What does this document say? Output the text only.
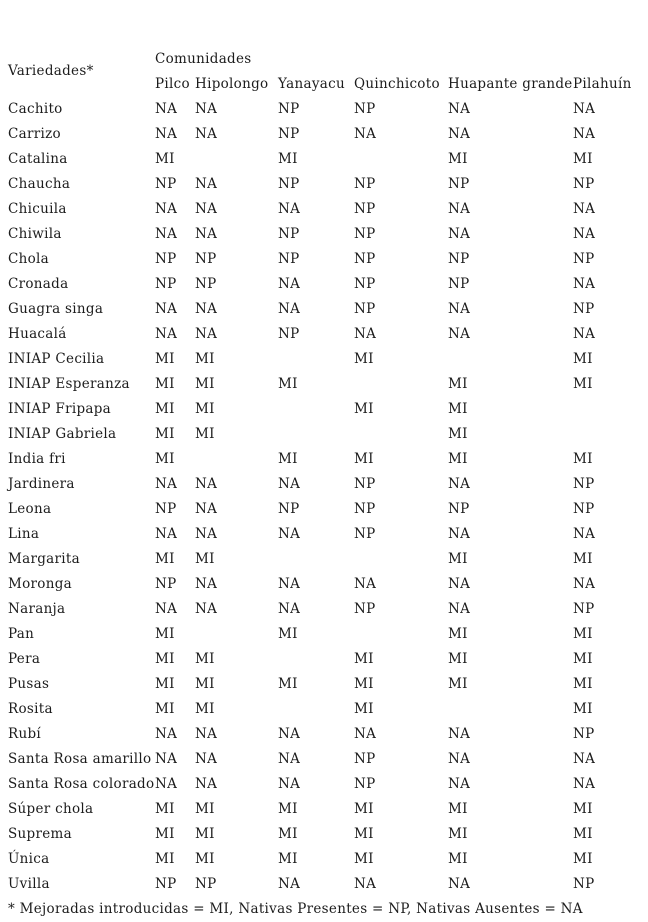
Variedades*	Comunidades					
	Pilco	Hipolongo	Yanayacu	Quinchicoto	Huapante grande	Pilahuín
Cachito	NA	NA	NP	NP	NA	NA
Carrizo	NA	NA	NP	NA	NA	NA
Catalina	MI		MI		MI	MI
Chaucha	NP	NA	NP	NP	NP	NP
Chicuila	NA	NA	NA	NP	NA	NA
Chiwila	NA	NA	NP	NP	NA	NA
Chola	NP	NP	NP	NP	NP	NP
Cronada	NP	NP	NA	NP	NP	NA
Guagra singa	NA	NA	NA	NP	NA	NP
Huacalá	NA	NA	NP	NA	NA	NA
INIAP Cecilia	MI	MI		MI		MI
INIAP Esperanza	MI	MI	MI		MI	MI
INIAP Fripapa	MI	MI		MI	MI	
INIAP Gabriela	MI	MI			MI	
India fri	MI		MI	MI	MI	MI
Jardinera	NA	NA	NA	NP	NA	NP
Leona	NP	NA	NP	NP	NP	NP
Lina	NA	NA	NA	NP	NA	NA
Margarita	MI	MI			MI	MI
Moronga	NP	NA	NA	NA	NA	NA
Naranja	NA	NA	NA	NP	NA	NP
Pan	MI		MI		MI	MI
Pera	MI	MI		MI	MI	MI
Pusas	MI	MI	MI	MI	MI	MI
Rosita	MI	MI		MI		MI
Rubí	NA	NA	NA	NA	NA	NP
Santa Rosa amarillo	NA	NA	NA	NP	NA	NA
Santa Rosa colorado	NA	NA	NA	NP	NA	NA
Súper chola	MI	MI	MI	MI	MI	MI
Suprema	MI	MI	MI	MI	MI	MI
Única	MI	MI	MI	MI	MI	MI
Uvilla	NP	NP	NA	NA	NA	NP
* Mejoradas introducidas = MI, Nativas Presentes = NP, Nativas Ausentes = NA
